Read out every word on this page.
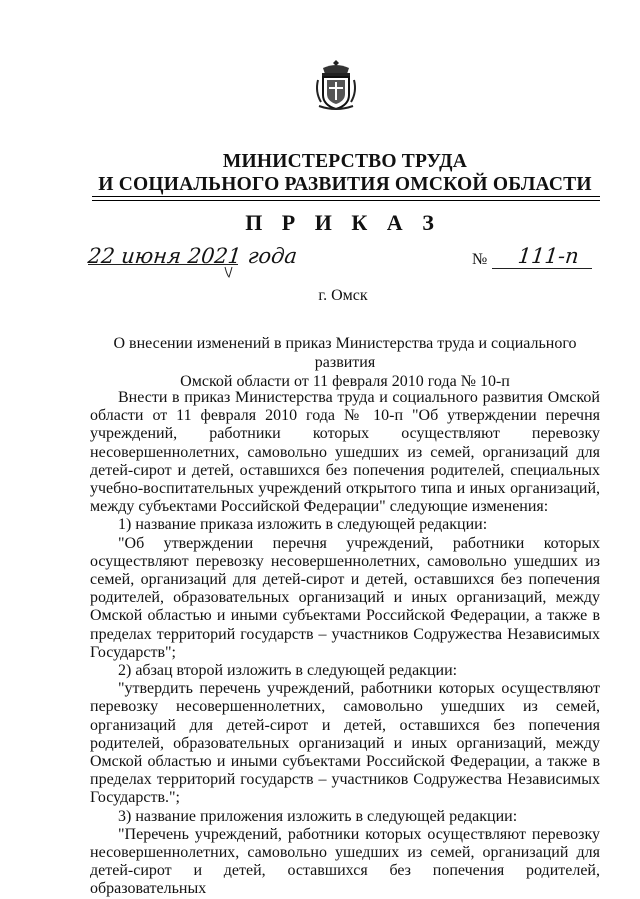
МИНИСТЕРСТВО ТРУДА
И СОЦИАЛЬНОГО РАЗВИТИЯ ОМСКОЙ ОБЛАСТИ
П Р И К А З
22 июня 2021 года	№ 111-п
г. Омск
О внесении изменений в приказ Министерства труда и социального развития
Омской области от 11 февраля 2010 года № 10-п

Внести в приказ Министерства труда и социального развития Омской области от 11 февраля 2010 года № 10-п "Об утверждении перечня учреждений, работники которых осуществляют перевозку несовершеннолетних, самовольно ушедших из семей, организаций для детей-сирот и детей, оставшихся без попечения родителей, специальных учебно-воспитательных учреждений открытого типа и иных организаций, между субъектами Российской Федерации" следующие изменения:

1) название приказа изложить в следующей редакции:

"Об утверждении перечня учреждений, работники которых осуществляют перевозку несовершеннолетних, самовольно ушедших из семей, организаций для детей-сирот и детей, оставшихся без попечения родителей, образовательных организаций и иных организаций, между Омской областью и иными субъектами Российской Федерации, а также в пределах территорий государств – участников Содружества Независимых Государств";

2) абзац второй изложить в следующей редакции:

"утвердить перечень учреждений, работники которых осуществляют перевозку несовершеннолетних, самовольно ушедших из семей, организаций для детей-сирот и детей, оставшихся без попечения родителей, образовательных организаций и иных организаций, между Омской областью и иными субъектами Российской Федерации, а также в пределах территорий государств – участников Содружества Независимых Государств.";

3) название приложения изложить в следующей редакции:

"Перечень учреждений, работники которых осуществляют перевозку несовершеннолетних, самовольно ушедших из семей, организаций для детей-сирот и детей, оставшихся без попечения родителей, образовательных
